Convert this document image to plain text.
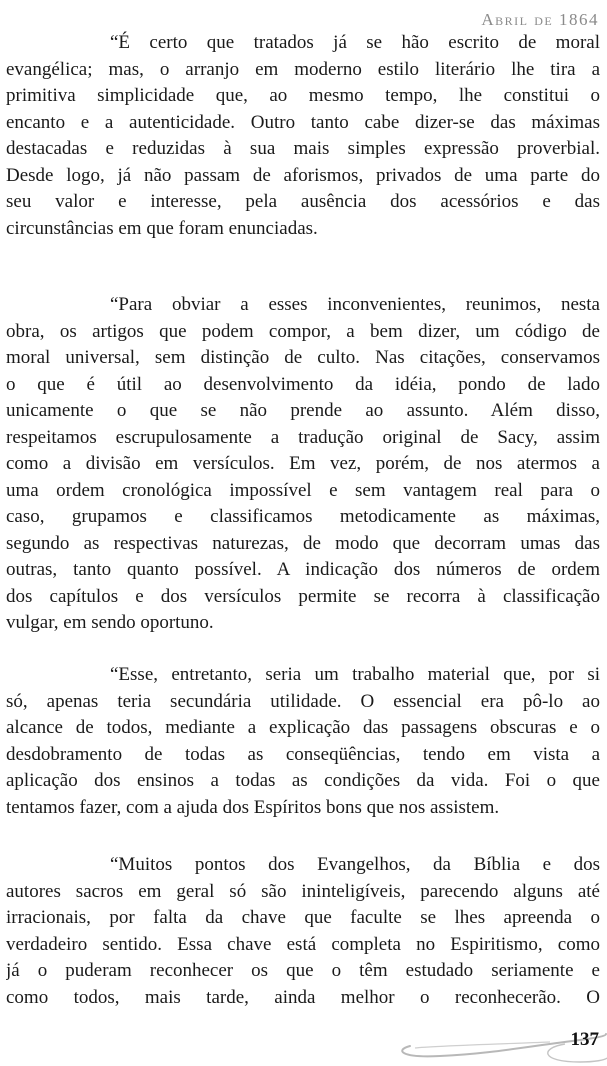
Abril de 1864
“É certo que tratados já se hão escrito de moral
evangélica; mas, o arranjo em moderno estilo literário lhe tira a
primitiva simplicidade que, ao mesmo tempo, lhe constitui o
encanto e a autenticidade. Outro tanto cabe dizer-se das máximas
destacadas e reduzidas à sua mais simples expressão proverbial.
Desde logo, já não passam de aforismos, privados de uma parte do
seu valor e interesse, pela ausência dos acessórios e das
circunstâncias em que foram enunciadas.
“Para obviar a esses inconvenientes, reunimos, nesta
obra, os artigos que podem compor, a bem dizer, um código de
moral universal, sem distinção de culto. Nas citações, conservamos
o que é útil ao desenvolvimento da idéia, pondo de lado
unicamente o que se não prende ao assunto. Além disso,
respeitamos escrupulosamente a tradução original de Sacy, assim
como a divisão em versículos. Em vez, porém, de nos atermos a
uma ordem cronológica impossível e sem vantagem real para o
caso, grupamos e classificamos metodicamente as máximas,
segundo as respectivas naturezas, de modo que decorram umas das
outras, tanto quanto possível. A indicação dos números de ordem
dos capítulos e dos versículos permite se recorra à classificação
vulgar, em sendo oportuno.
“Esse, entretanto, seria um trabalho material que, por si
só, apenas teria secundária utilidade. O essencial era pô-lo ao
alcance de todos, mediante a explicação das passagens obscuras e o
desdobramento de todas as conseqüências, tendo em vista a
aplicação dos ensinos a todas as condições da vida. Foi o que
tentamos fazer, com a ajuda dos Espíritos bons que nos assistem.
“Muitos pontos dos Evangelhos, da Bíblia e dos
autores sacros em geral só são ininteligíveis, parecendo alguns até
irracionais, por falta da chave que faculte se lhes apreenda o
verdadeiro sentido. Essa chave está completa no Espiritismo, como
já o puderam reconhecer os que o têm estudado seriamente e
como todos, mais tarde, ainda melhor o reconhecerão. O
137
